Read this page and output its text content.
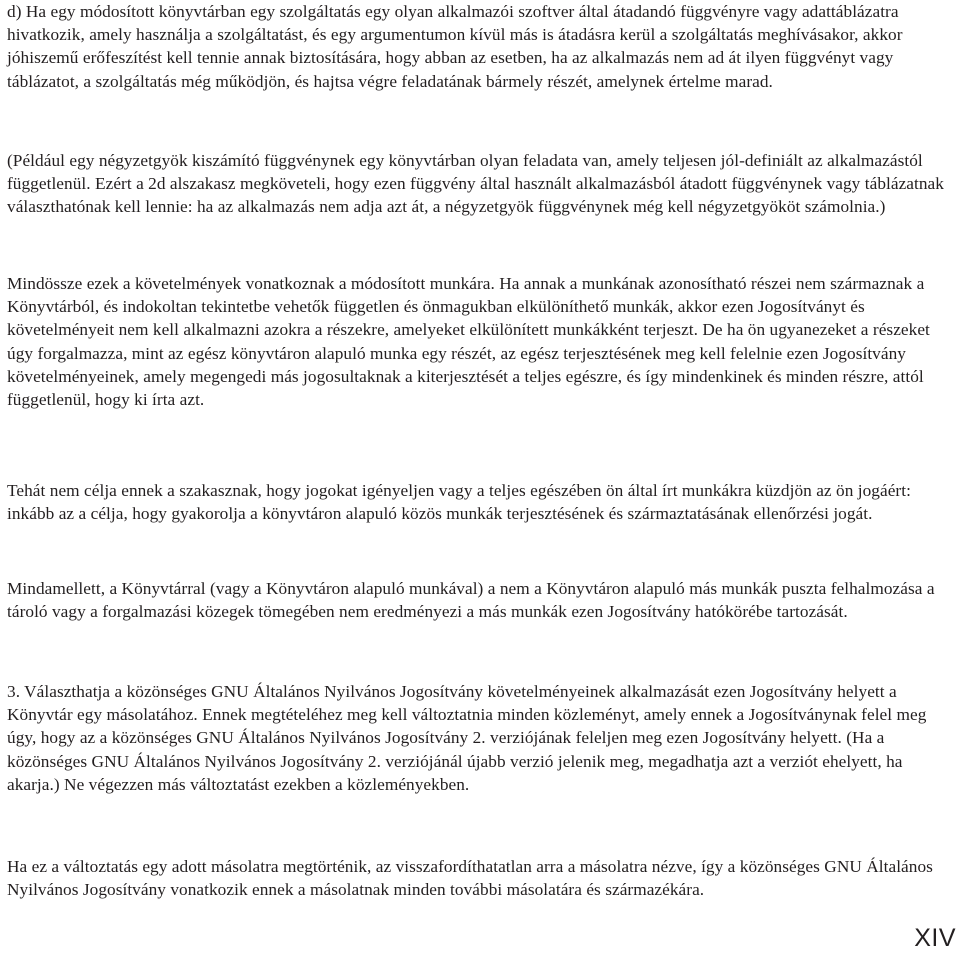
d) Ha egy módosított könyvtárban egy szolgáltatás egy olyan alkalmazói szoftver által átadandó függvényre vagy adattáblázatra hivatkozik, amely használja a szolgáltatást, és egy argumentumon kívül más is átadásra kerül a szolgáltatás meghívásakor, akkor jóhiszemű erőfeszítést kell tennie annak biztosítására, hogy abban az esetben, ha az alkalmazás nem ad át ilyen függvényt vagy táblázatot, a szolgáltatás még működjön, és hajtsa végre feladatának bármely részét, amelynek értelme marad.

(Például egy négyzetgyök kiszámító függvénynek egy könyvtárban olyan feladata van, amely teljesen jól-definiált az alkalmazástól függetlenül. Ezért a 2d alszakasz megköveteli, hogy ezen függvény által használt alkalmazásból átadott függvénynek vagy táblázatnak választhatónak kell lennie: ha az alkalmazás nem adja azt át, a négyzetgyök függvénynek még kell négyzetgyököt számolnia.)

Mindössze ezek a követelmények vonatkoznak a módosított munkára. Ha annak a munkának azonosítható részei nem származnak a Könyvtárból, és indokoltan tekintetbe vehetők független és önmagukban elkülöníthető munkák, akkor ezen Jogosítványt és követelményeit nem kell alkalmazni azokra a részekre, amelyeket elkülönített munkákként terjeszt. De ha ön ugyanezeket a részeket úgy forgalmazza, mint az egész könyvtáron alapuló munka egy részét, az egész terjesztésének meg kell felelnie ezen Jogosítvány követelményeinek, amely megengedi más jogosultaknak a kiterjesztését a teljes egészre, és így mindenkinek és minden részre, attól függetlenül, hogy ki írta azt.

Tehát nem célja ennek a szakasznak, hogy jogokat igényeljen vagy a teljes egészében ön által írt munkákra küzdjön az ön jogáért: inkább az a célja, hogy gyakorolja a könyvtáron alapuló közös munkák terjesztésének és származtatásának ellenőrzési jogát.

Mindamellett, a Könyvtárral (vagy a Könyvtáron alapuló munkával) a nem a Könyvtáron alapuló más munkák puszta felhalmozása a tároló vagy a forgalmazási közegek tömegében nem eredményezi a más munkák ezen Jogosítvány hatókörébe tartozását.

3. Választhatja a közönséges GNU Általános Nyilvános Jogosítvány követelményeinek alkalmazását ezen Jogosítvány helyett a Könyvtár egy másolatához. Ennek megtételéhez meg kell változtatnia minden közleményt, amely ennek a Jogosítványnak felel meg úgy, hogy az a közönséges GNU Általános Nyilvános Jogosítvány 2. verziójának feleljen meg ezen Jogosítvány helyett. (Ha a közönséges GNU Általános Nyilvános Jogosítvány 2. verziójánál újabb verzió jelenik meg, megadhatja azt a verziót ehelyett, ha akarja.) Ne végezzen más változtatást ezekben a közleményekben.

Ha ez a változtatás egy adott másolatra megtörténik, az visszafordíthatatlan arra a másolatra nézve, így a közönséges GNU Általános Nyilvános Jogosítvány vonatkozik ennek a másolatnak minden további másolatára és származékára.

XIV
